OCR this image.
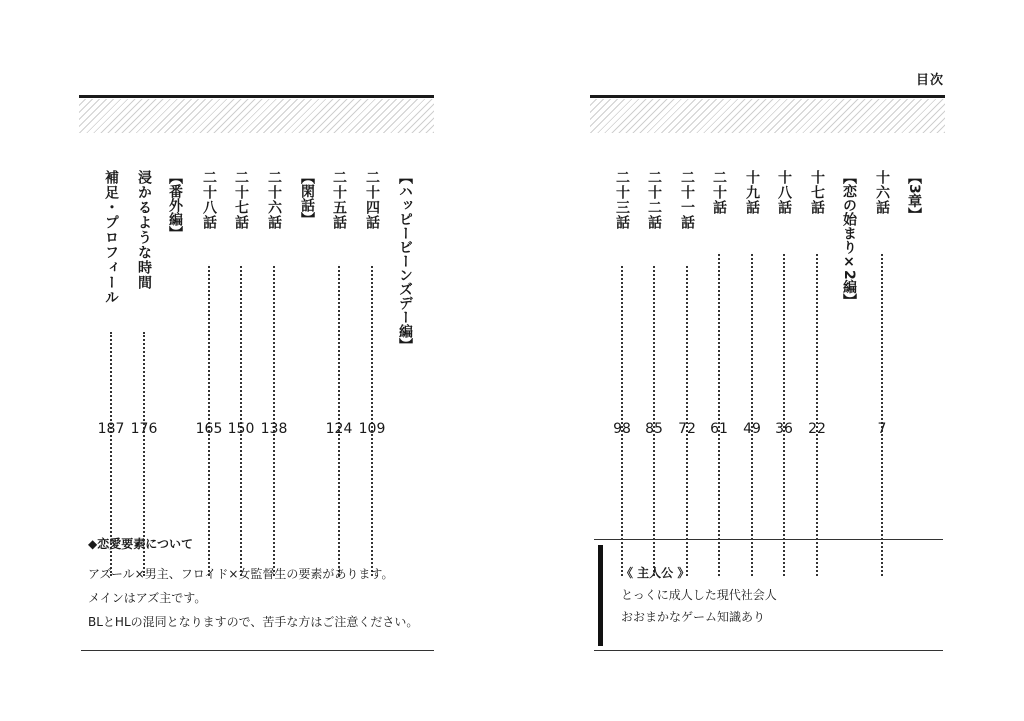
目次
【3章】
十六話
7
【恋の始まり×2編】
十七話
22
十八話
36
十九話
49
二十話
61
二十一話
72
二十二話
85
二十三話
98
【ハッピービーンズデー編】
二十四話
109
二十五話
124
【閑話】
二十六話
138
二十七話
150
二十八話
165
【番外編】
浸かるような時間
176
補足・プロフィール
187
◆恋愛要素について
アズール×男主、フロイド×女監督生の要素があります。
メインはアズ主です。
BLとHLの混同となりますので、苦手な方はご注意ください。
《 主人公 》
とっくに成人した現代社会人
おおまかなゲーム知識あり
